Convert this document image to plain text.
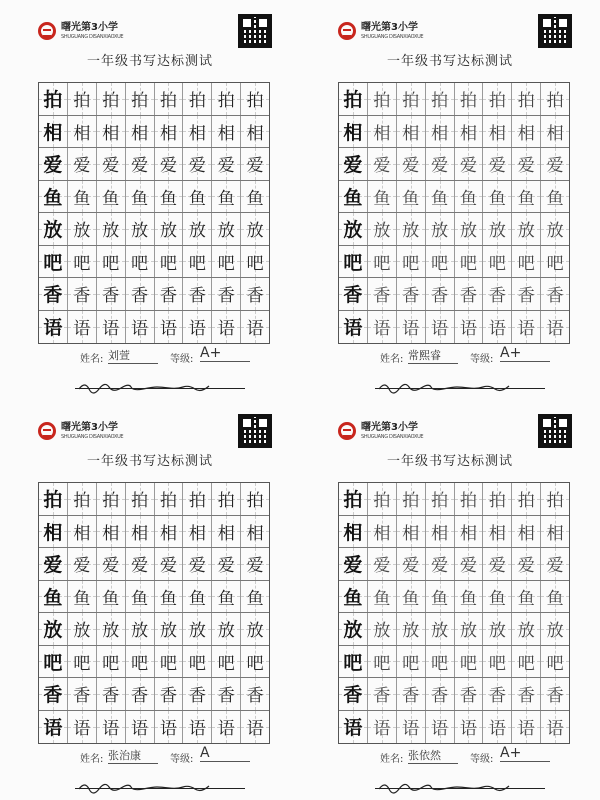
曙光第3小学
SHUGUANG DISANXIAOXUE
一年级书写达标测试
拍 拍 拍 拍 拍 拍 拍 拍
相 相 相 相 相 相 相 相
爱 爱 爱 爱 爱 爱 爱 爱
鱼 鱼 鱼 鱼 鱼 鱼 鱼 鱼
放 放 放 放 放 放 放 放
吧 吧 吧 吧 吧 吧 吧 吧
香 香 香 香 香 香 香 香
语 语 语 语 语 语 语 语
姓名: 刘萱	等级: A+
曙光第3小学
SHUGUANG DISANXIAOXUE
一年级书写达标测试
拍 拍 拍 拍 拍 拍 拍 拍
相 相 相 相 相 相 相 相
爱 爱 爱 爱 爱 爱 爱 爱
鱼 鱼 鱼 鱼 鱼 鱼 鱼 鱼
放 放 放 放 放 放 放 放
吧 吧 吧 吧 吧 吧 吧 吧
香 香 香 香 香 香 香 香
语 语 语 语 语 语 语 语
姓名: 常熙睿	等级: A+
曙光第3小学
SHUGUANG DISANXIAOXUE
一年级书写达标测试
拍 拍 拍 拍 拍 拍 拍 拍
相 相 相 相 相 相 相 相
爱 爱 爱 爱 爱 爱 爱 爱
鱼 鱼 鱼 鱼 鱼 鱼 鱼 鱼
放 放 放 放 放 放 放 放
吧 吧 吧 吧 吧 吧 吧 吧
香 香 香 香 香 香 香 香
语 语 语 语 语 语 语 语
姓名: 张治康	等级: A
曙光第3小学
SHUGUANG DISANXIAOXUE
一年级书写达标测试
拍 拍 拍 拍 拍 拍 拍 拍
相 相 相 相 相 相 相 相
爱 爱 爱 爱 爱 爱 爱 爱
鱼 鱼 鱼 鱼 鱼 鱼 鱼 鱼
放 放 放 放 放 放 放 放
吧 吧 吧 吧 吧 吧 吧 吧
香 香 香 香 香 香 香 香
语 语 语 语 语 语 语 语
姓名: 张依然	等级: A+
